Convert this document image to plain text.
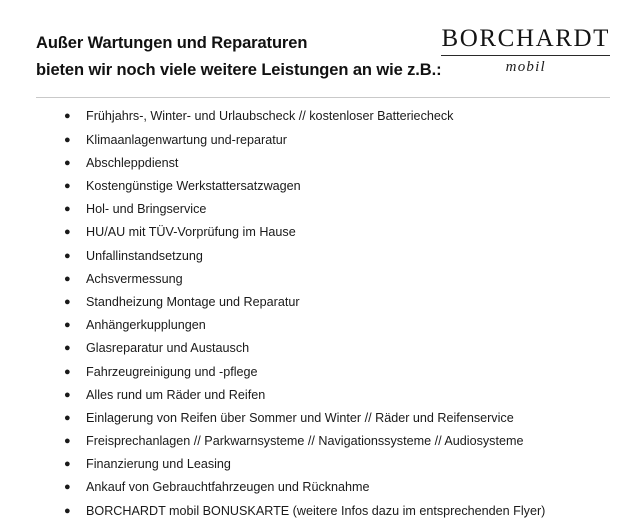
Außer Wartungen und Reparaturen
bieten wir noch viele weitere Leistungen an wie z.B.:
BORCHARDT
mobil
● Frühjahrs-, Winter- und Urlaubscheck // kostenloser Batteriecheck
● Klimaanlagenwartung und-reparatur
● Abschleppdienst
● Kostengünstige Werkstattersatzwagen
● Hol- und Bringservice
● HU/AU mit TÜV-Vorprüfung im Hause
● Unfallinstandsetzung
● Achsvermessung
● Standheizung Montage und Reparatur
● Anhängerkupplungen
● Glasreparatur und Austausch
● Fahrzeugreinigung und -pflege
● Alles rund um Räder und Reifen
● Einlagerung von Reifen über Sommer und Winter // Räder und Reifenservice
● Freisprechanlagen // Parkwarnsysteme // Navigationssysteme // Audiosysteme
● Finanzierung und Leasing
● Ankauf von Gebrauchtfahrzeugen und Rücknahme
● BORCHARDT mobil BONUSKARTE (weitere Infos dazu im entsprechenden Flyer)
